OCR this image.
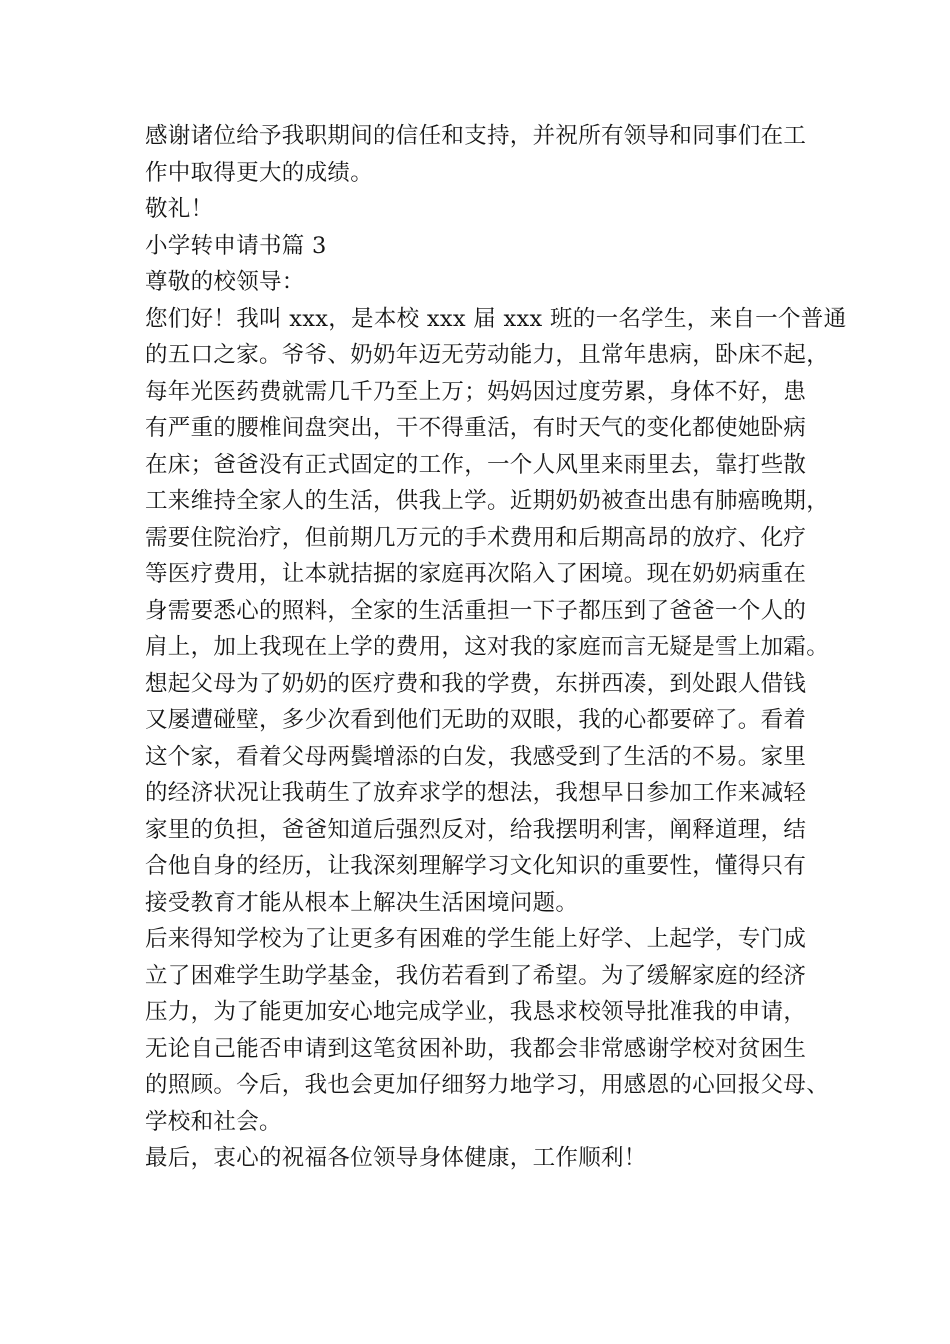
感谢诸位给予我职期间的信任和支持，并祝所有领导和同事们在工
作中取得更大的成绩。
敬礼！
小学转申请书篇 3
尊敬的校领导：
您们好！我叫 xxx，是本校 xxx 届 xxx 班的一名学生，来自一个普通
的五口之家。爷爷、奶奶年迈无劳动能力，且常年患病，卧床不起，
每年光医药费就需几千乃至上万；妈妈因过度劳累，身体不好，患
有严重的腰椎间盘突出，干不得重活，有时天气的变化都使她卧病
在床；爸爸没有正式固定的工作，一个人风里来雨里去，靠打些散
工来维持全家人的生活，供我上学。近期奶奶被查出患有肺癌晚期，
需要住院治疗，但前期几万元的手术费用和后期高昂的放疗、化疗
等医疗费用，让本就拮据的家庭再次陷入了困境。现在奶奶病重在
身需要悉心的照料，全家的生活重担一下子都压到了爸爸一个人的
肩上，加上我现在上学的费用，这对我的家庭而言无疑是雪上加霜。
想起父母为了奶奶的医疗费和我的学费，东拼西凑，到处跟人借钱
又屡遭碰壁，多少次看到他们无助的双眼，我的心都要碎了。看着
这个家，看着父母两鬓增添的白发，我感受到了生活的不易。家里
的经济状况让我萌生了放弃求学的想法，我想早日参加工作来减轻
家里的负担，爸爸知道后强烈反对，给我摆明利害，阐释道理，结
合他自身的经历，让我深刻理解学习文化知识的重要性，懂得只有
接受教育才能从根本上解决生活困境问题。
后来得知学校为了让更多有困难的学生能上好学、上起学，专门成
立了困难学生助学基金，我仿若看到了希望。为了缓解家庭的经济
压力，为了能更加安心地完成学业，我恳求校领导批准我的申请，
无论自己能否申请到这笔贫困补助，我都会非常感谢学校对贫困生
的照顾。今后，我也会更加仔细努力地学习，用感恩的心回报父母、
学校和社会。
最后，衷心的祝福各位领导身体健康，工作顺利！
